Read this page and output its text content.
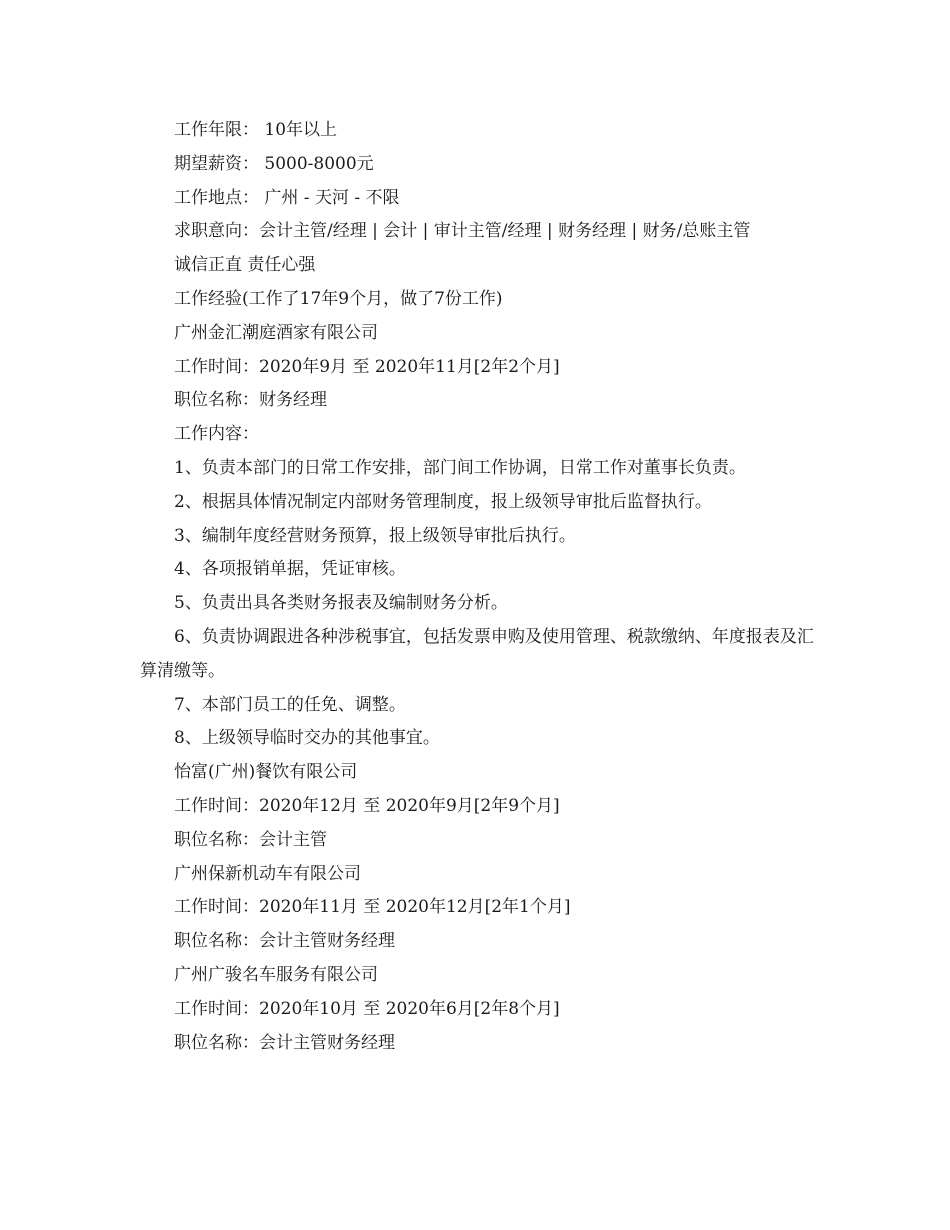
工作年限： 10年以上

期望薪资： 5000-8000元

工作地点： 广州 - 天河 - 不限

求职意向：会计主管/经理 | 会计 | 审计主管/经理 | 财务经理 | 财务/总账主管

诚信正直 责任心强

工作经验(工作了17年9个月，做了7份工作)

广州金汇潮庭酒家有限公司

工作时间：2020年9月 至 2020年11月[2年2个月]

职位名称：财务经理

工作内容：

1、负责本部门的日常工作安排，部门间工作协调，日常工作对董事长负责。

2、根据具体情况制定内部财务管理制度，报上级领导审批后监督执行。

3、编制年度经营财务预算，报上级领导审批后执行。

4、各项报销单据，凭证审核。

5、负责出具各类财务报表及编制财务分析。

6、负责协调跟进各种涉税事宜，包括发票申购及使用管理、税款缴纳、年度报表及汇算清缴等。

7、本部门员工的任免、调整。

8、上级领导临时交办的其他事宜。

怡富(广州)餐饮有限公司

工作时间：2020年12月 至 2020年9月[2年9个月]

职位名称：会计主管

广州保新机动车有限公司

工作时间：2020年11月 至 2020年12月[2年1个月]

职位名称：会计主管财务经理

广州广骏名车服务有限公司

工作时间：2020年10月 至 2020年6月[2年8个月]

职位名称：会计主管财务经理
